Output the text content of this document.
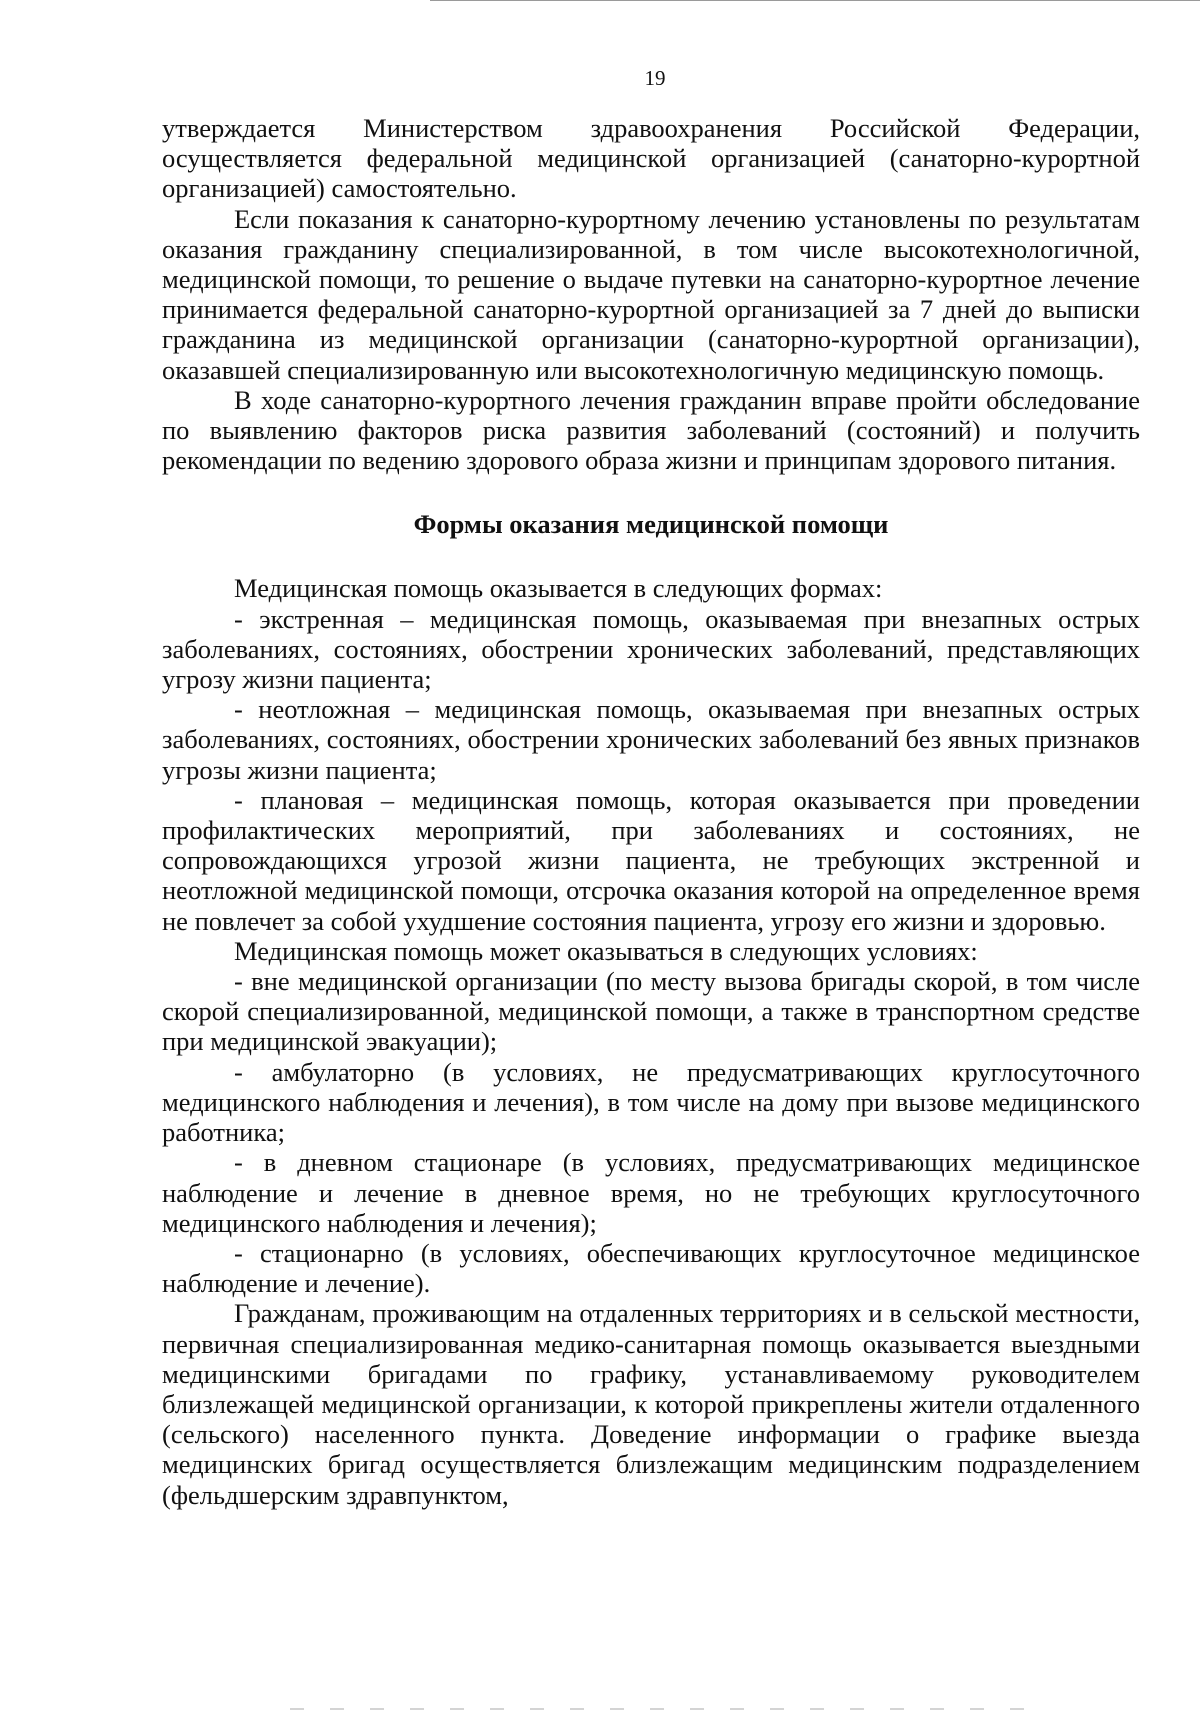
19

утверждается Министерством здравоохранения Российской Федерации, осуществляется федеральной медицинской организацией (санаторно-курортной организацией) самостоятельно.

Если показания к санаторно-курортному лечению установлены по результатам оказания гражданину специализированной, в том числе высокотехнологичной, медицинской помощи, то решение о выдаче путевки на санаторно-курортное лечение принимается федеральной санаторно-курортной организацией за 7 дней до выписки гражданина из медицинской организации (санаторно-курортной организации), оказавшей специализированную или высокотехнологичную медицинскую помощь.

В ходе санаторно-курортного лечения гражданин вправе пройти обследование по выявлению факторов риска развития заболеваний (состояний) и получить рекомендации по ведению здорового образа жизни и принципам здорового питания.

Формы оказания медицинской помощи

Медицинская помощь оказывается в следующих формах:

- экстренная – медицинская помощь, оказываемая при внезапных острых заболеваниях, состояниях, обострении хронических заболеваний, представляющих угрозу жизни пациента;

- неотложная – медицинская помощь, оказываемая при внезапных острых заболеваниях, состояниях, обострении хронических заболеваний без явных признаков угрозы жизни пациента;

- плановая – медицинская помощь, которая оказывается при проведении профилактических мероприятий, при заболеваниях и состояниях, не сопровождающихся угрозой жизни пациента, не требующих экстренной и неотложной медицинской помощи, отсрочка оказания которой на определенное время не повлечет за собой ухудшение состояния пациента, угрозу его жизни и здоровью.

Медицинская помощь может оказываться в следующих условиях:

- вне медицинской организации (по месту вызова бригады скорой, в том числе скорой специализированной, медицинской помощи, а также в транспортном средстве при медицинской эвакуации);

- амбулаторно (в условиях, не предусматривающих круглосуточного медицинского наблюдения и лечения), в том числе на дому при вызове медицинского работника;

- в дневном стационаре (в условиях, предусматривающих медицинское наблюдение и лечение в дневное время, но не требующих круглосуточного медицинского наблюдения и лечения);

- стационарно (в условиях, обеспечивающих круглосуточное медицинское наблюдение и лечение).

Гражданам, проживающим на отдаленных территориях и в сельской местности, первичная специализированная медико-санитарная помощь оказывается выездными медицинскими бригадами по графику, устанавливаемому руководителем близлежащей медицинской организации, к которой прикреплены жители отдаленного (сельского) населенного пункта. Доведение информации о графике выезда медицинских бригад осуществляется близлежащим медицинским подразделением (фельдшерским здравпунктом,
